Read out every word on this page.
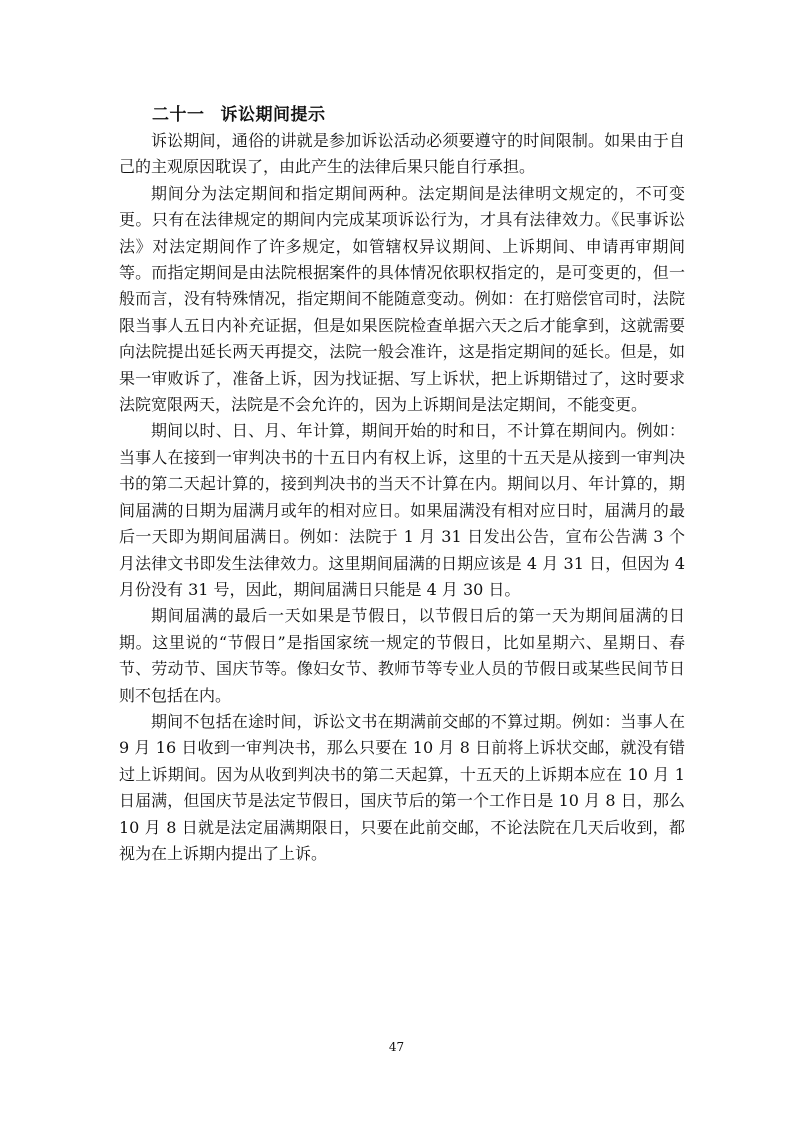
二十一 诉讼期间提示

诉讼期间，通俗的讲就是参加诉讼活动必须要遵守的时间限制。如果由于自己的主观原因耽误了，由此产生的法律后果只能自行承担。

期间分为法定期间和指定期间两种。法定期间是法律明文规定的，不可变更。只有在法律规定的期间内完成某项诉讼行为，才具有法律效力。《民事诉讼法》对法定期间作了许多规定，如管辖权异议期间、上诉期间、申请再审期间等。而指定期间是由法院根据案件的具体情况依职权指定的，是可变更的，但一般而言，没有特殊情况，指定期间不能随意变动。例如：在打赔偿官司时，法院限当事人五日内补充证据，但是如果医院检查单据六天之后才能拿到，这就需要向法院提出延长两天再提交，法院一般会准许，这是指定期间的延长。但是，如果一审败诉了，准备上诉，因为找证据、写上诉状，把上诉期错过了，这时要求法院宽限两天，法院是不会允许的，因为上诉期间是法定期间，不能变更。

期间以时、日、月、年计算，期间开始的时和日，不计算在期间内。例如：当事人在接到一审判决书的十五日内有权上诉，这里的十五天是从接到一审判决书的第二天起计算的，接到判决书的当天不计算在内。期间以月、年计算的，期间届满的日期为届满月或年的相对应日。如果届满没有相对应日时，届满月的最后一天即为期间届满日。例如：法院于 1 月 31 日发出公告，宣布公告满 3 个月法律文书即发生法律效力。这里期间届满的日期应该是 4 月 31 日，但因为 4 月份没有 31 号，因此，期间届满日只能是 4 月 30 日。

期间届满的最后一天如果是节假日，以节假日后的第一天为期间届满的日期。这里说的“节假日”是指国家统一规定的节假日，比如星期六、星期日、春节、劳动节、国庆节等。像妇女节、教师节等专业人员的节假日或某些民间节日则不包括在内。

期间不包括在途时间，诉讼文书在期满前交邮的不算过期。例如：当事人在 9 月 16 日收到一审判决书，那么只要在 10 月 8 日前将上诉状交邮，就没有错过上诉期间。因为从收到判决书的第二天起算，十五天的上诉期本应在 10 月 1 日届满，但国庆节是法定节假日，国庆节后的第一个工作日是 10 月 8 日，那么 10 月 8 日就是法定届满期限日，只要在此前交邮，不论法院在几天后收到，都视为在上诉期内提出了上诉。

47
